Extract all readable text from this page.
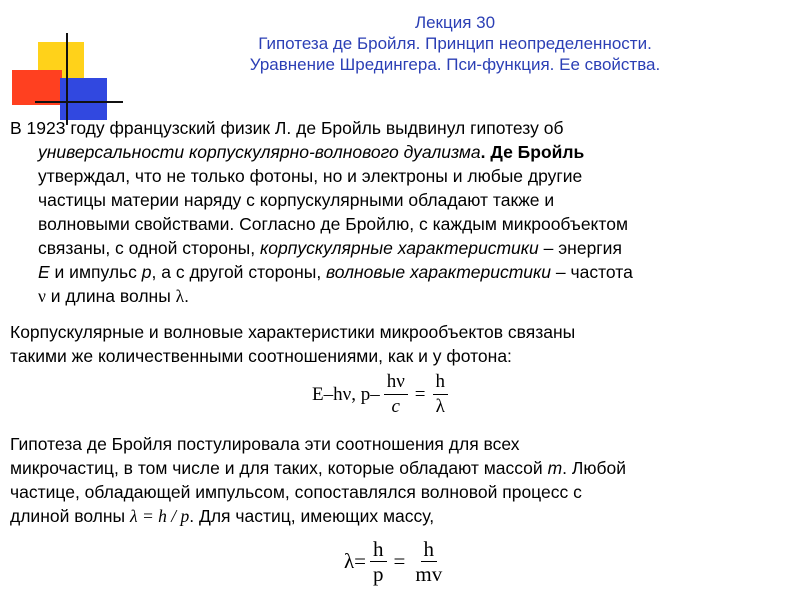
Лекция 30
Гипотеза де Бройля. Принцип неопределенности.
Уравнение Шредингера. Пси-функция. Ее свойства.
В 1923 году французский физик Л. де Бройль выдвинул гипотезу об
универсальности корпускулярно-волнового дуализма. Де Бройль
утверждал, что не только фотоны, но и электроны и любые другие
частицы материи наряду с корпускулярными обладают также и
волновыми свойствами. Согласно де Бройлю, с каждым микрообъектом
связаны, с одной стороны, корпускулярные характеристики – энергия
E и импульс p, а с другой стороны, волновые характеристики – частота
ν и длина волны λ.
Корпускулярные и волновые характеристики микрообъектов связаны
такими же количественными соотношениями, как и у фотона:
E–hν, $p- \frac{h\nu}{c} = \frac{h}{\lambda}$
Гипотеза де Бройля постулировала эти соотношения для всех
микрочастиц, в том числе и для таких, которые обладают массой m. Любой
частице, обладающей импульсом, сопоставлялся волновой процесс с
длиной волны λ = h / p. Для частиц, имеющих массу,
$\lambda= \frac{h}{p} = \frac{h}{mv}$
